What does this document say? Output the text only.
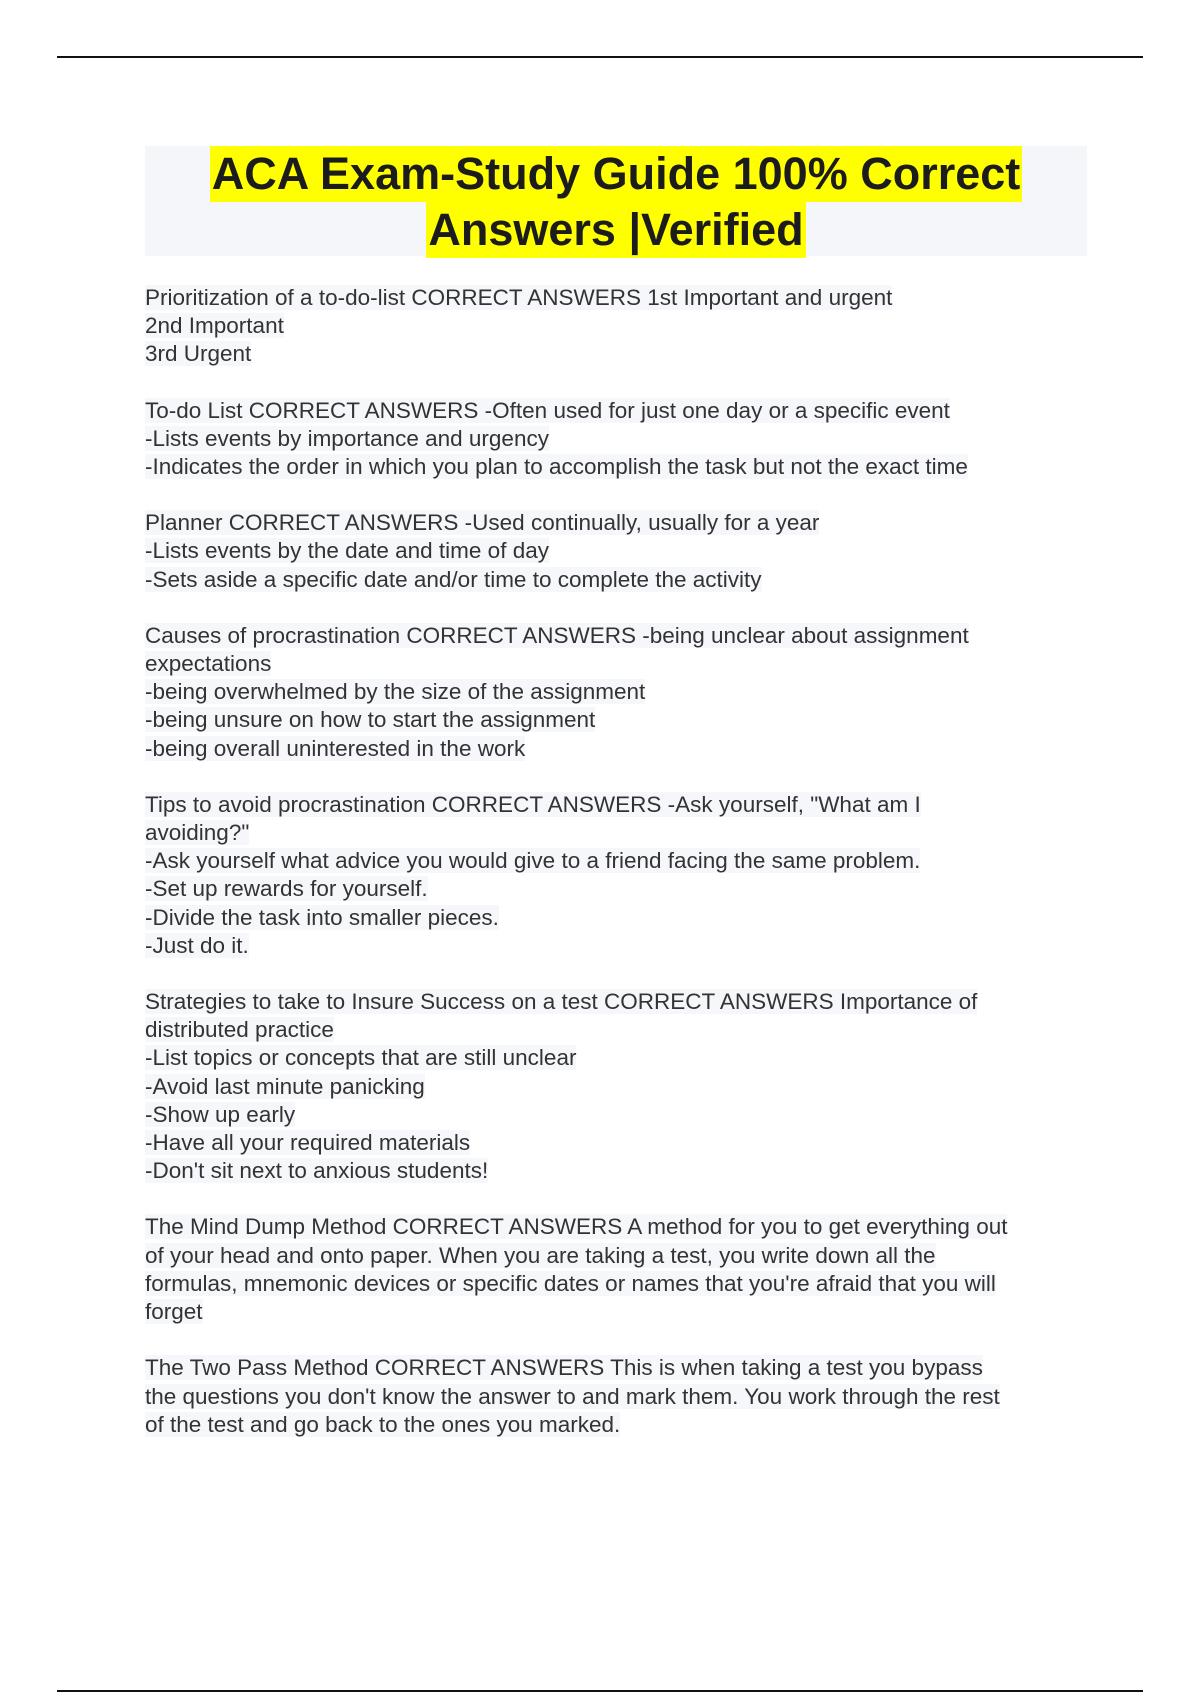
ACA Exam-Study Guide 100% Correct
Answers |Verified
Prioritization of a to-do-list CORRECT ANSWERS 1st Important and urgent
2nd Important
3rd Urgent
To-do List CORRECT ANSWERS -Often used for just one day or a specific event
-Lists events by importance and urgency
-Indicates the order in which you plan to accomplish the task but not the exact time
Planner CORRECT ANSWERS -Used continually, usually for a year
-Lists events by the date and time of day
-Sets aside a specific date and/or time to complete the activity
Causes of procrastination CORRECT ANSWERS -being unclear about assignment
expectations
-being overwhelmed by the size of the assignment
-being unsure on how to start the assignment
-being overall uninterested in the work
Tips to avoid procrastination CORRECT ANSWERS -Ask yourself, "What am I
avoiding?"
-Ask yourself what advice you would give to a friend facing the same problem.
-Set up rewards for yourself.
-Divide the task into smaller pieces.
-Just do it.
Strategies to take to Insure Success on a test CORRECT ANSWERS Importance of
distributed practice
-List topics or concepts that are still unclear
-Avoid last minute panicking
-Show up early
-Have all your required materials
-Don't sit next to anxious students!
The Mind Dump Method CORRECT ANSWERS A method for you to get everything out
of your head and onto paper. When you are taking a test, you write down all the
formulas, mnemonic devices or specific dates or names that you're afraid that you will
forget
The Two Pass Method CORRECT ANSWERS This is when taking a test you bypass
the questions you don't know the answer to and mark them. You work through the rest
of the test and go back to the ones you marked.
